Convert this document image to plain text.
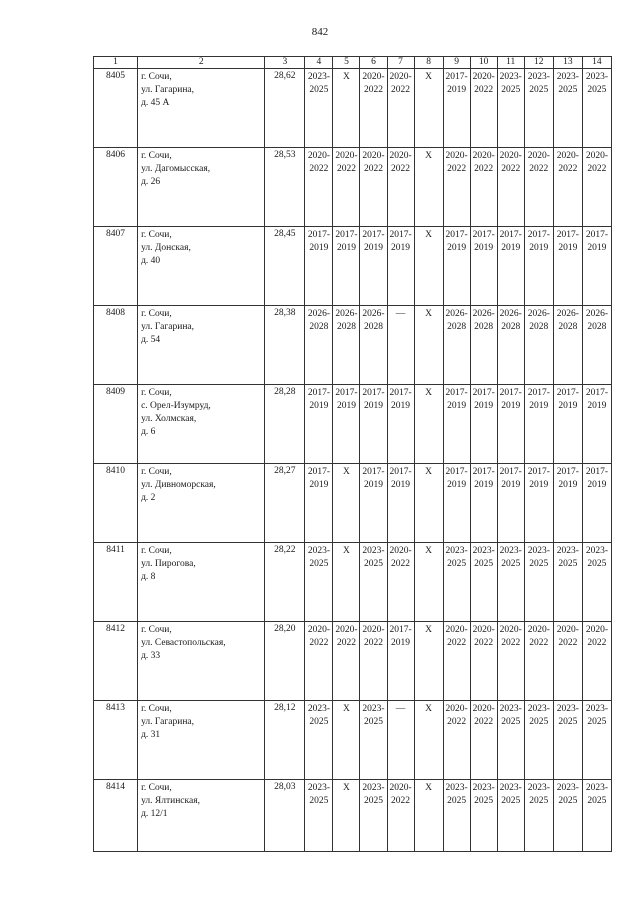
842
1	2	3	4	5	6	7	8	9	10	11	12	13	14
8405	г. Сочи,
ул. Гагарина,
д. 45 А	28,62	2023-
2025	X	2020-
2022	2020-
2022	X	2017-
2019	2020-
2022	2023-
2025	2023-
2025	2023-
2025	2023-
2025

8406	г. Сочи,
ул. Дагомысская,
д. 26	28,53	2020-
2022	2020-
2022	2020-
2022	2020-
2022	X	2020-
2022	2020-
2022	2020-
2022	2020-
2022	2020-
2022	2020-
2022

8407	г. Сочи,
ул. Донская,
д. 40	28,45	2017-
2019	2017-
2019	2017-
2019	2017-
2019	X	2017-
2019	2017-
2019	2017-
2019	2017-
2019	2017-
2019	2017-
2019

8408	г. Сочи,
ул. Гагарина,
д. 54	28,38	2026-
2028	2026-
2028	2026-
2028	—	X	2026-
2028	2026-
2028	2026-
2028	2026-
2028	2026-
2028	2026-
2028

8409	г. Сочи,
с. Орел-Изумруд,
ул. Холмская,
д. 6	28,28	2017-
2019	2017-
2019	2017-
2019	2017-
2019	X	2017-
2019	2017-
2019	2017-
2019	2017-
2019	2017-
2019	2017-
2019

8410	г. Сочи,
ул. Дивноморская,
д. 2	28,27	2017-
2019	X	2017-
2019	2017-
2019	X	2017-
2019	2017-
2019	2017-
2019	2017-
2019	2017-
2019	2017-
2019

8411	г. Сочи,
ул. Пирогова,
д. 8	28,22	2023-
2025	X	2023-
2025	2020-
2022	X	2023-
2025	2023-
2025	2023-
2025	2023-
2025	2023-
2025	2023-
2025

8412	г. Сочи,
ул. Севастопольская,
д. 33	28,20	2020-
2022	2020-
2022	2020-
2022	2017-
2019	X	2020-
2022	2020-
2022	2020-
2022	2020-
2022	2020-
2022	2020-
2022

8413	г. Сочи,
ул. Гагарина,
д. 31	28,12	2023-
2025	X	2023-
2025	—	X	2020-
2022	2020-
2022	2023-
2025	2023-
2025	2023-
2025	2023-
2025

8414	г. Сочи,
ул. Ялтинская,
д. 12/1	28,03	2023-
2025	X	2023-
2025	2020-
2022	X	2023-
2025	2023-
2025	2023-
2025	2023-
2025	2023-
2025	2023-
2025
